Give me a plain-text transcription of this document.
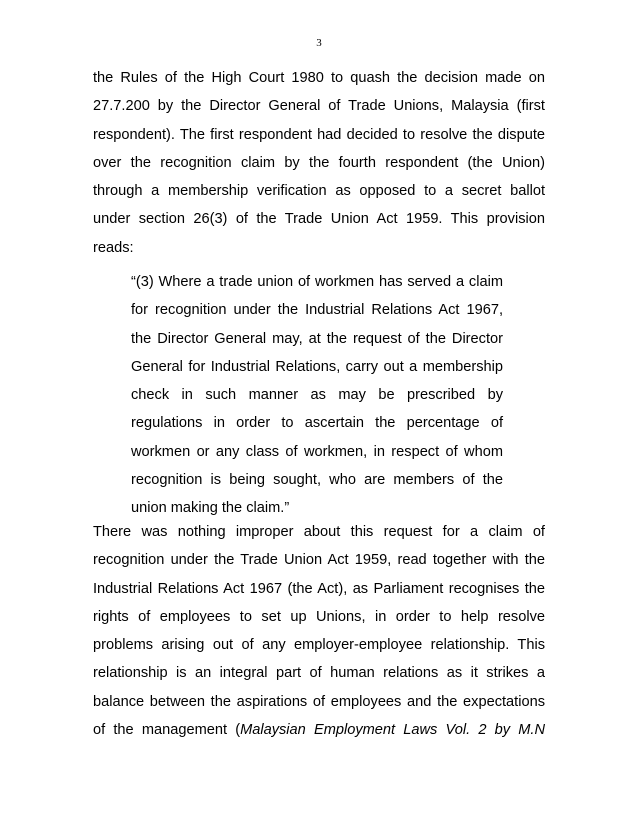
3
the Rules of the High Court 1980 to quash the decision made on
27.7.200 by the Director General of Trade Unions, Malaysia (first
respondent). The first respondent had decided to resolve the dispute
over the recognition claim by the fourth respondent (the Union)
through a membership verification as opposed to a secret ballot
under section 26(3) of the Trade Union Act 1959. This provision
reads:
“(3) Where a trade union of workmen has served a claim
for recognition under the Industrial Relations Act 1967,
the Director General may, at the request of the Director
General for Industrial Relations, carry out a membership
check in such manner as may be prescribed by
regulations in order to ascertain the percentage of
workmen or any class of workmen, in respect of whom
recognition is being sought, who are members of the
union making the claim.”
There was nothing improper about this request for a claim of
recognition under the Trade Union Act 1959, read together with the
Industrial Relations Act 1967 (the Act), as Parliament recognises the
rights of employees to set up Unions, in order to help resolve
problems arising out of any employer-employee relationship. This
relationship is an integral part of human relations as it strikes a
balance between the aspirations of employees and the expectations
of the management (Malaysian Employment Laws Vol. 2 by M.N
